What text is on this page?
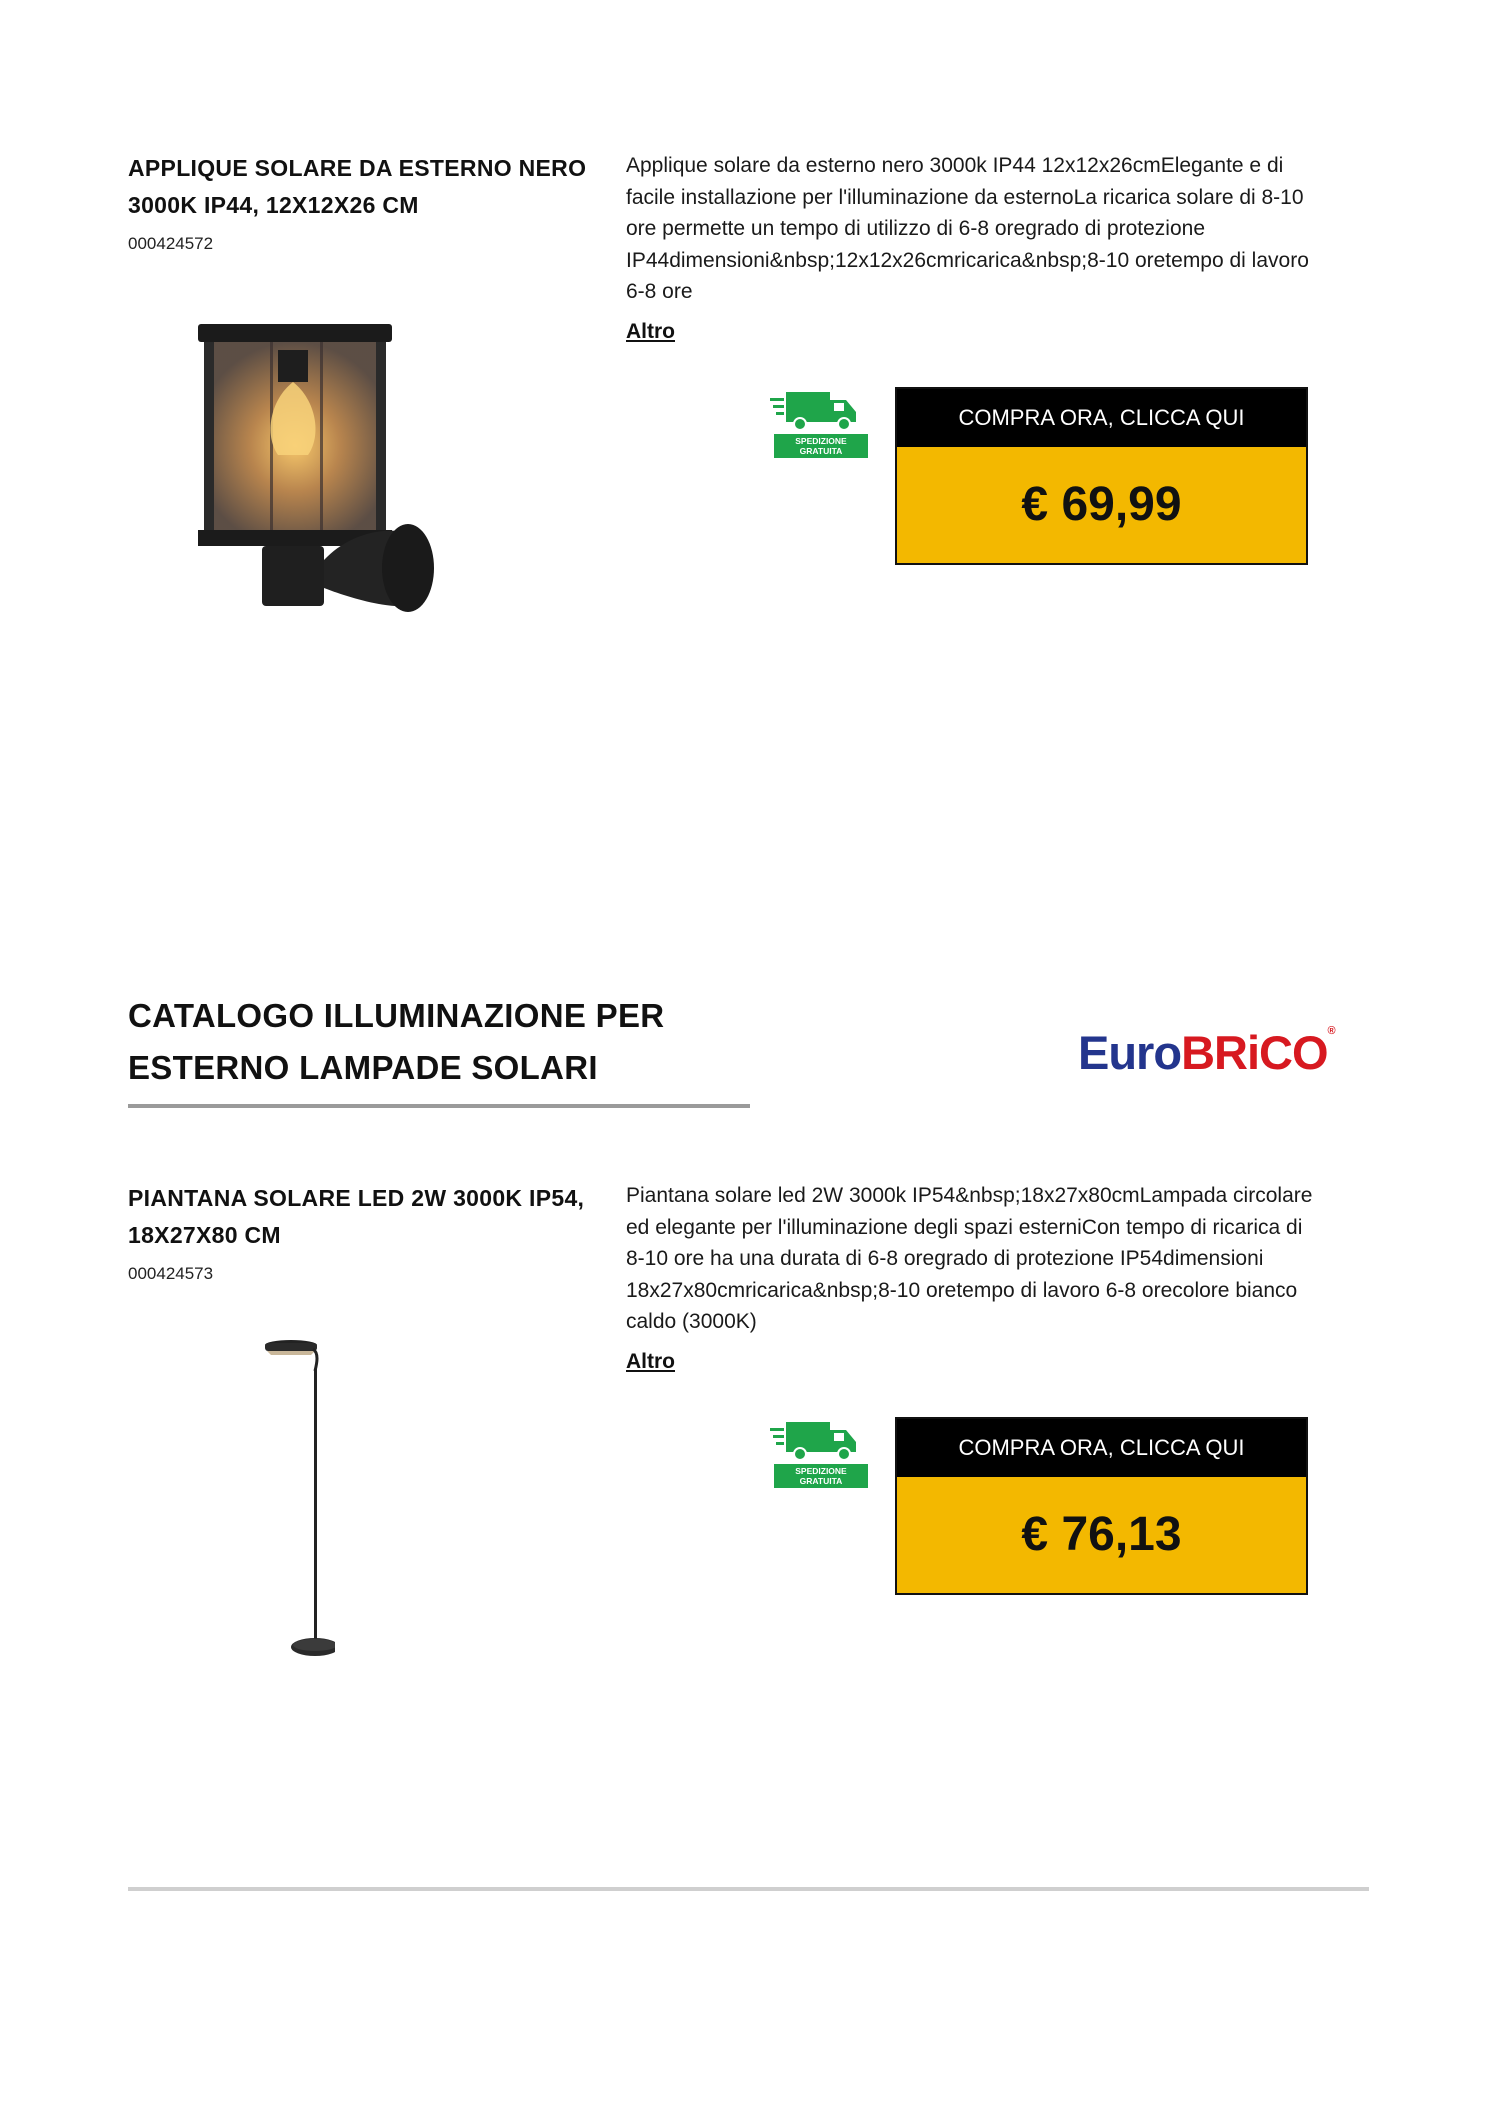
APPLIQUE SOLARE DA ESTERNO NERO 3000K IP44, 12X12X26 CM
000424572

Applique solare da esterno nero 3000k IP44 12x12x26cmElegante e di facile installazione per l'illuminazione da esternoLa ricarica solare di 8-10 ore permette un tempo di utilizzo di 6-8 oregrado di protezione IP44dimensioni&nbsp;12x12x26cmricarica&nbsp;8-10 oretempo di lavoro 6-8 ore

Altro
SPEDIZIONE
GRATUITA
COMPRA ORA, CLICCA QUI
€ 69,99
CATALOGO ILLUMINAZIONE PER ESTERNO LAMPADE SOLARI	EuroBRiCO®
PIANTANA SOLARE LED 2W 3000K IP54, 18X27X80 CM
000424573

Piantana solare led 2W 3000k IP54&nbsp;18x27x80cmLampada circolare ed elegante per l'illuminazione degli spazi esterniCon tempo di ricarica di 8-10 ore ha una durata di 6-8 oregrado di protezione IP54dimensioni 18x27x80cmricarica&nbsp;8-10 oretempo di lavoro 6-8 orecolore bianco caldo (3000K)

Altro
SPEDIZIONE
GRATUITA
COMPRA ORA, CLICCA QUI
€ 76,13
